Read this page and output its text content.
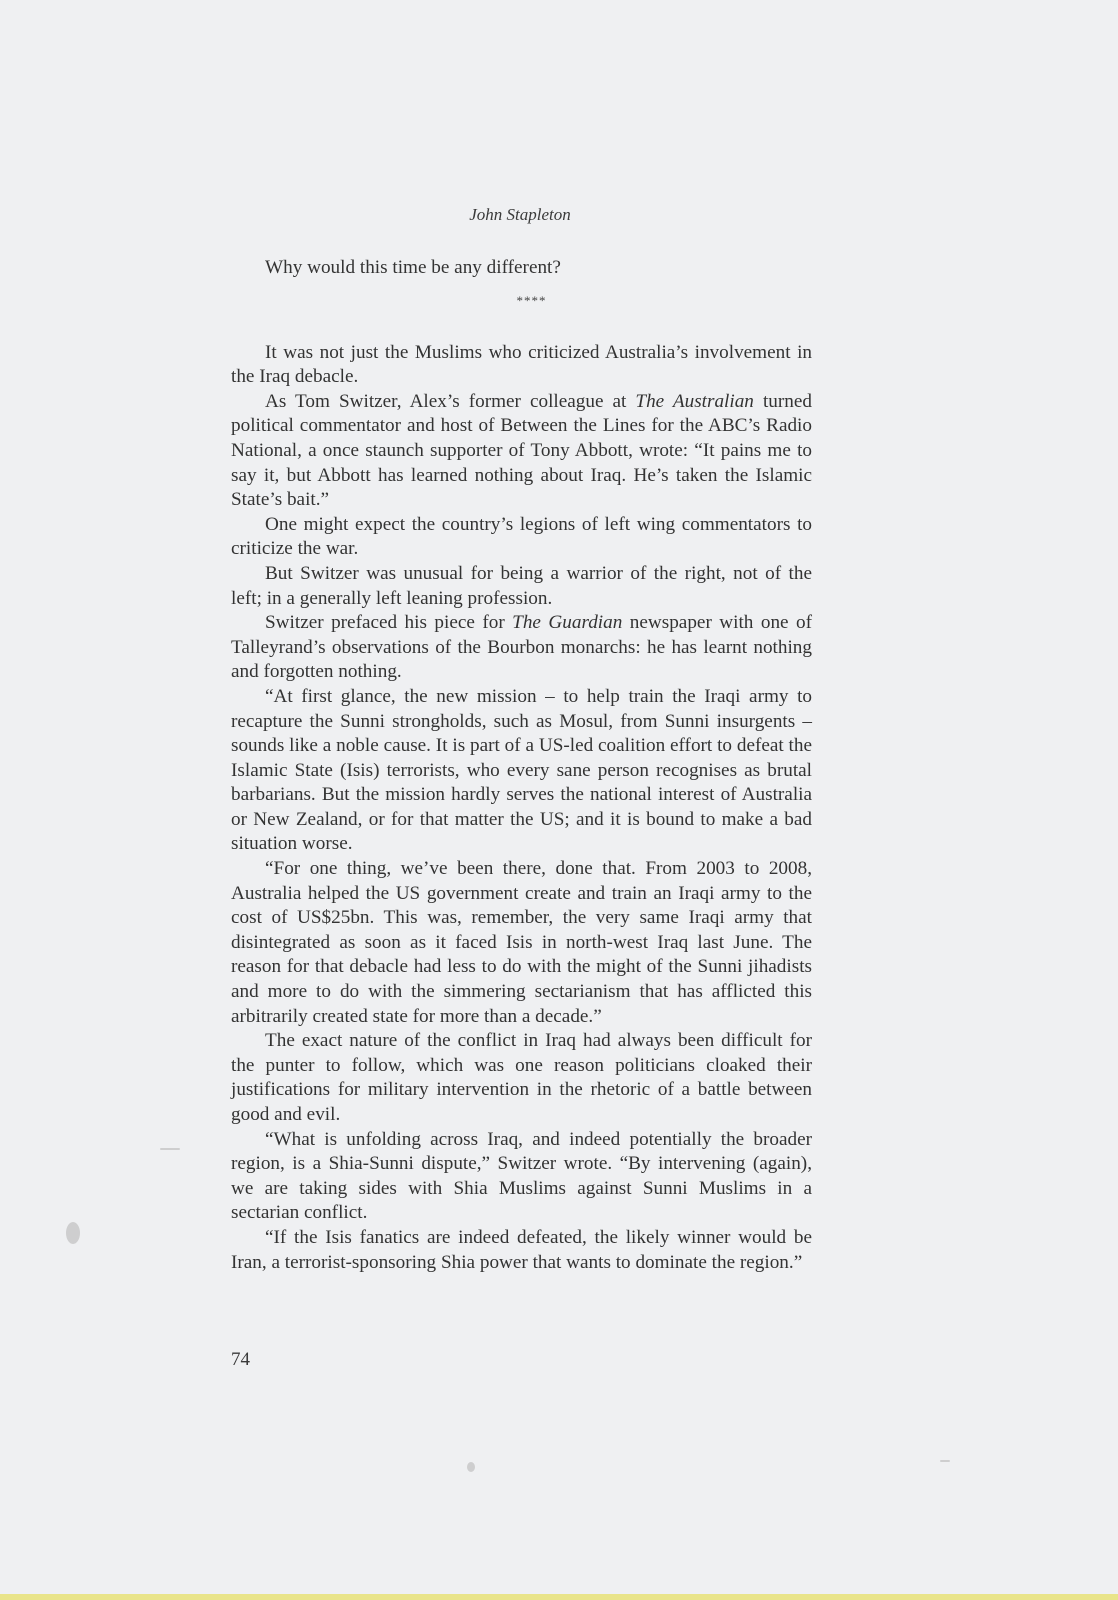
John Stapleton

Why would this time be any different?

****

It was not just the Muslims who criticized Australia’s involvement in the Iraq debacle.

As Tom Switzer, Alex’s former colleague at The Australian turned political commentator and host of Between the Lines for the ABC’s Radio National, a once staunch supporter of Tony Abbott, wrote: “It pains me to say it, but Abbott has learned nothing about Iraq. He’s taken the Islamic State’s bait.”

One might expect the country’s legions of left wing commentators to criticize the war.

But Switzer was unusual for being a warrior of the right, not of the left; in a generally left leaning profession.

Switzer prefaced his piece for The Guardian newspaper with one of Talleyrand’s observations of the Bourbon monarchs: he has learnt nothing and forgotten nothing.

“At first glance, the new mission – to help train the Iraqi army to recapture the Sunni strongholds, such as Mosul, from Sunni insurgents – sounds like a noble cause. It is part of a US-led coalition effort to defeat the Islamic State (Isis) terrorists, who every sane person recognises as brutal barbarians. But the mission hardly serves the national interest of Australia or New Zealand, or for that matter the US; and it is bound to make a bad situation worse.

“For one thing, we’ve been there, done that. From 2003 to 2008, Australia helped the US government create and train an Iraqi army to the cost of US$25bn. This was, remember, the very same Iraqi army that disintegrated as soon as it faced Isis in north-west Iraq last June. The reason for that debacle had less to do with the might of the Sunni jihadists and more to do with the simmering sectarianism that has afflicted this arbitrarily created state for more than a decade.”

The exact nature of the conflict in Iraq had always been difficult for the punter to follow, which was one reason politicians cloaked their justifications for military intervention in the rhetoric of a battle between good and evil.

“What is unfolding across Iraq, and indeed potentially the broader region, is a Shia-Sunni dispute,” Switzer wrote. “By intervening (again), we are taking sides with Shia Muslims against Sunni Muslims in a sectarian conflict.

“If the Isis fanatics are indeed defeated, the likely winner would be Iran, a terrorist-sponsoring Shia power that wants to dominate the region.”

74
